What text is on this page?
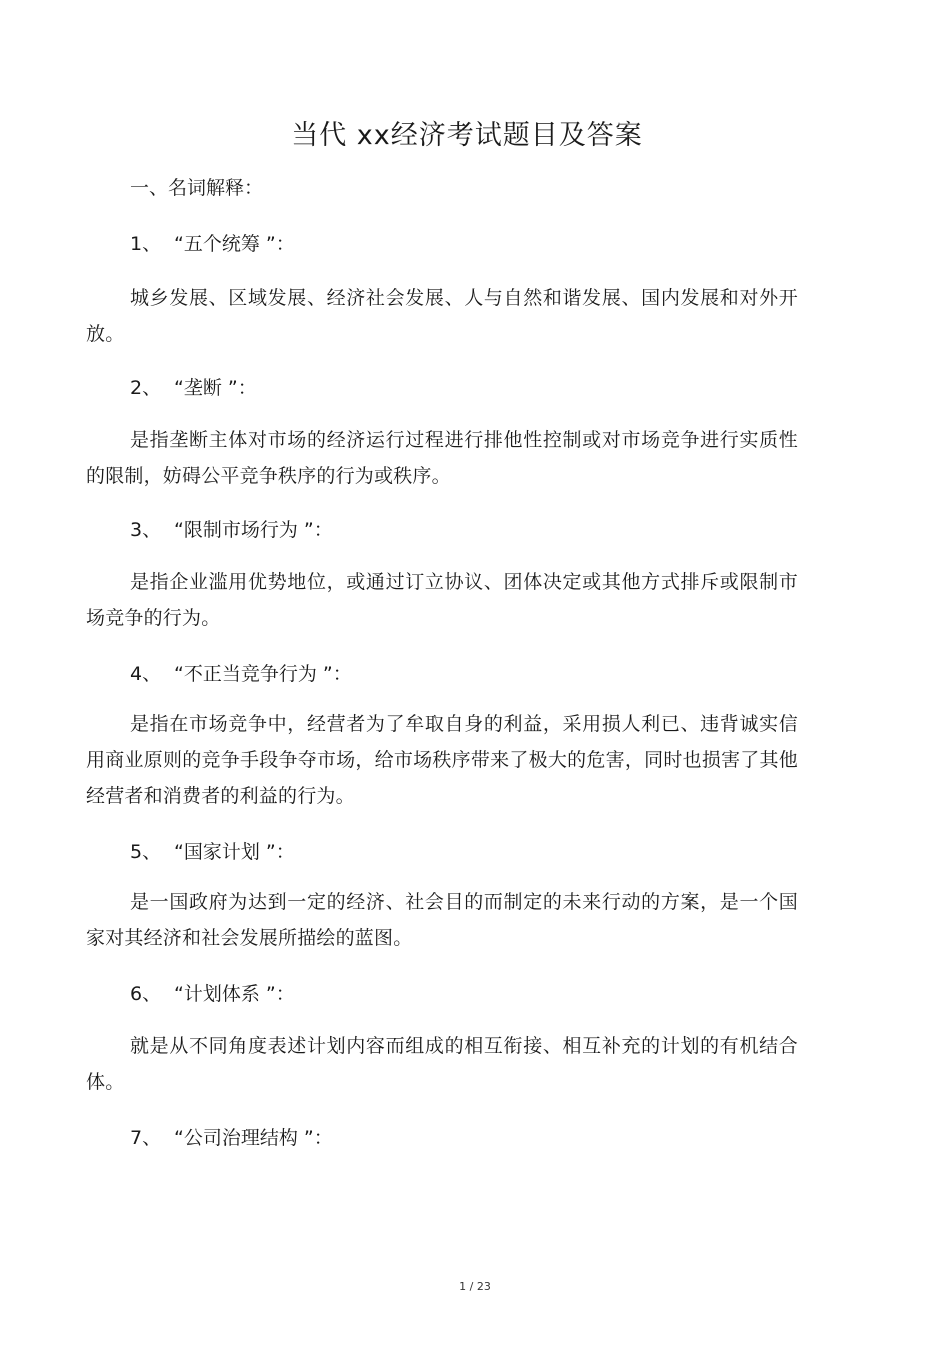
当代 xx经济考试题目及答案
一、名词解释：
1、 “五个统筹 ”：
城乡发展、区域发展、经济社会发展、人与自然和谐发展、国内发展和对外开放。
2、 “垄断 ”：
是指垄断主体对市场的经济运行过程进行排他性控制或对市场竞争进行实质性的限制，妨碍公平竞争秩序的行为或秩序。
3、 “限制市场行为 ”：
是指企业滥用优势地位，或通过订立协议、团体决定或其他方式排斥或限制市场竞争的行为。
4、 “不正当竞争行为 ”：
是指在市场竞争中，经营者为了牟取自身的利益，采用损人利已、违背诚实信用商业原则的竞争手段争夺市场，给市场秩序带来了极大的危害，同时也损害了其他经营者和消费者的利益的行为。
5、 “国家计划 ”：
是一国政府为达到一定的经济、社会目的而制定的未来行动的方案，是一个国家对其经济和社会发展所描绘的蓝图。
6、 “计划体系 ”：
就是从不同角度表述计划内容而组成的相互衔接、相互补充的计划的有机结合体。
7、 “公司治理结构 ”：
1 / 23
